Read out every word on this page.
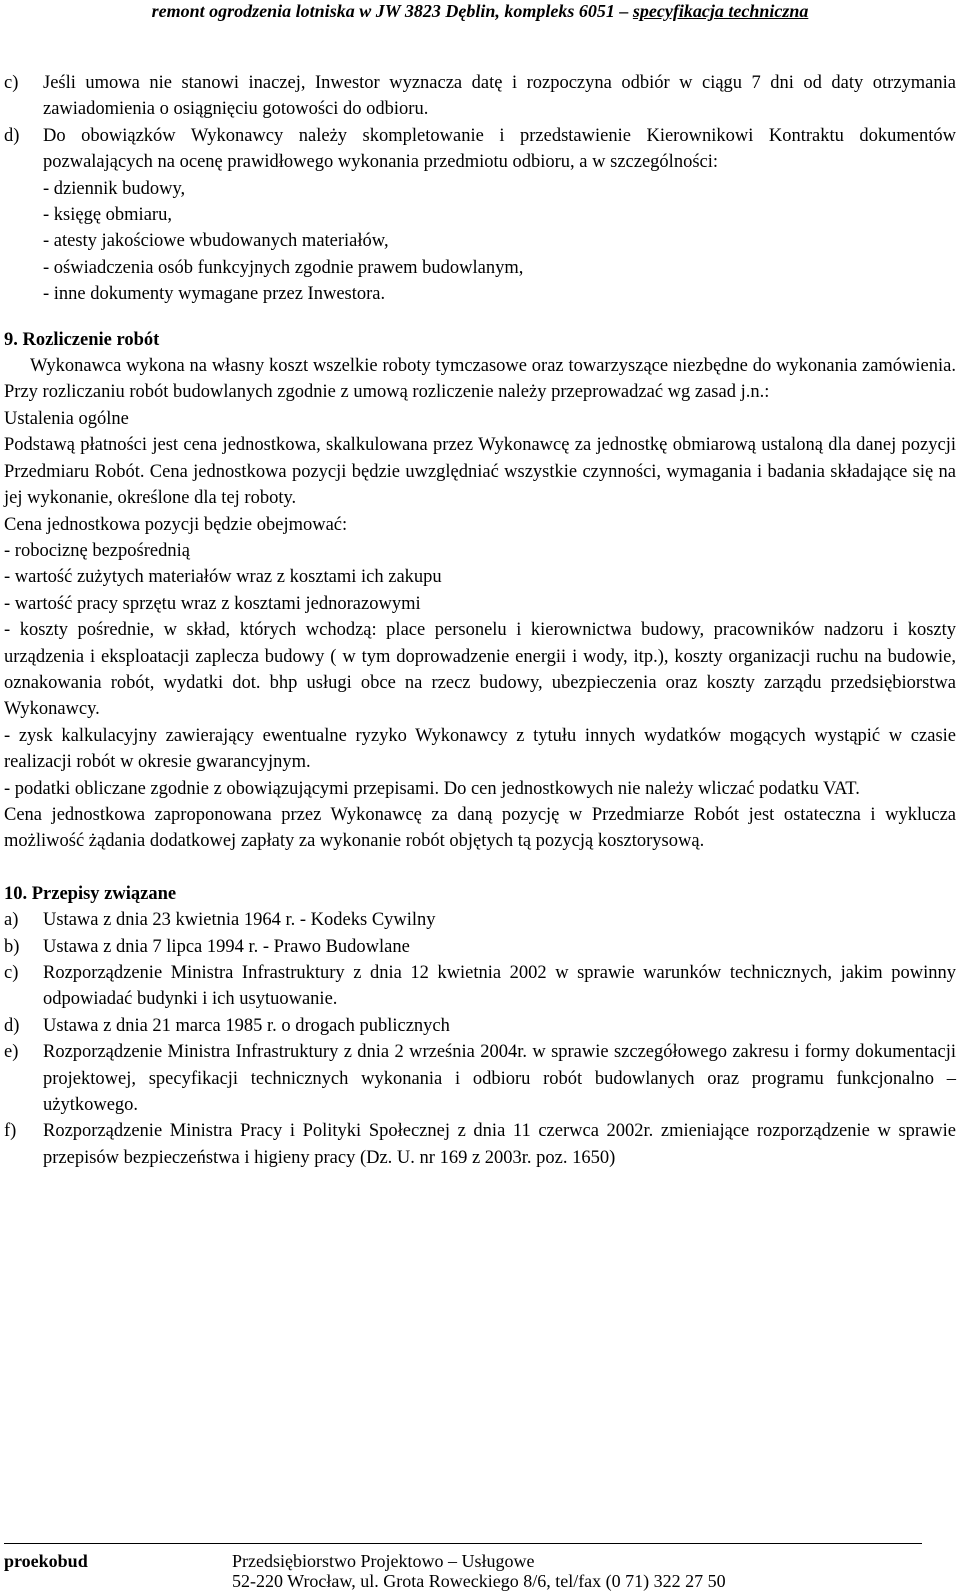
remont ogrodzenia lotniska w JW 3823 Dęblin, kompleks 6051 – specyfikacja techniczna
c)	Jeśli umowa nie stanowi inaczej, Inwestor wyznacza datę i rozpoczyna odbiór w ciągu 7 dni od daty otrzymania zawiadomienia o osiągnięciu gotowości do odbioru.
d)	Do obowiązków Wykonawcy należy skompletowanie i przedstawienie Kierownikowi Kontraktu dokumentów pozwalających na ocenę prawidłowego wykonania przedmiotu odbioru, a w szczególności:

- dziennik budowy,
- księgę obmiaru,
- atesty jakościowe wbudowanych materiałów,
- oświadczenia osób funkcyjnych zgodnie prawem budowlanym,
- inne dokumenty wymagane przez Inwestora.

9. Rozliczenie robót

Wykonawca wykona na własny koszt wszelkie roboty tymczasowe oraz towarzyszące niezbędne do wykonania zamówienia. Przy rozliczaniu robót budowlanych zgodnie z umową rozliczenie należy przeprowadzać wg zasad j.n.:

Ustalenia ogólne

Podstawą płatności jest cena jednostkowa, skalkulowana przez Wykonawcę za jednostkę obmiarową ustaloną dla danej pozycji Przedmiaru Robót. Cena jednostkowa pozycji będzie uwzględniać wszystkie czynności, wymagania i badania składające się na jej wykonanie, określone dla tej roboty.

Cena jednostkowa pozycji będzie obejmować:

- robociznę bezpośrednią

- wartość zużytych materiałów wraz z kosztami ich zakupu

- wartość pracy sprzętu wraz z kosztami jednorazowymi

- koszty pośrednie, w skład, których wchodzą: place personelu i kierownictwa budowy, pracowników nadzoru i koszty urządzenia i eksploatacji zaplecza budowy ( w tym doprowadzenie energii i wody, itp.), koszty organizacji ruchu na budowie, oznakowania robót, wydatki dot. bhp usługi obce na rzecz budowy, ubezpieczenia oraz koszty zarządu przedsiębiorstwa Wykonawcy.

- zysk kalkulacyjny zawierający ewentualne ryzyko Wykonawcy z tytułu innych wydatków mogących wystąpić w czasie realizacji robót w okresie gwarancyjnym.

- podatki obliczane zgodnie z obowiązującymi przepisami. Do cen jednostkowych nie należy wliczać podatku VAT.

Cena jednostkowa zaproponowana przez Wykonawcę za daną pozycję w Przedmiarze Robót jest ostateczna i wyklucza możliwość żądania dodatkowej zapłaty za wykonanie robót objętych tą pozycją kosztorysową.

10. Przepisy związane

a)	Ustawa z dnia 23 kwietnia 1964 r. - Kodeks Cywilny
b)	Ustawa z dnia 7 lipca 1994 r. - Prawo Budowlane
c)	Rozporządzenie Ministra Infrastruktury z dnia 12 kwietnia 2002 w sprawie warunków technicznych, jakim powinny odpowiadać budynki i ich usytuowanie.
d)	Ustawa z dnia 21 marca 1985 r. o drogach publicznych
e)	Rozporządzenie Ministra Infrastruktury z dnia 2 września 2004r. w sprawie szczegółowego zakresu i formy dokumentacji projektowej, specyfikacji technicznych wykonania i odbioru robót budowlanych oraz programu funkcjonalno – użytkowego.
f)	Rozporządzenie Ministra Pracy i Polityki Społecznej z dnia 11 czerwca 2002r. zmieniające rozporządzenie w sprawie przepisów bezpieczeństwa i higieny pracy (Dz. U. nr 169 z 2003r. poz. 1650)
proekobud	Przedsiębiorstwo Projektowo – Usługowe
52-220 Wrocław, ul. Grota Roweckiego 8/6, tel/fax (0 71) 322 27 50
